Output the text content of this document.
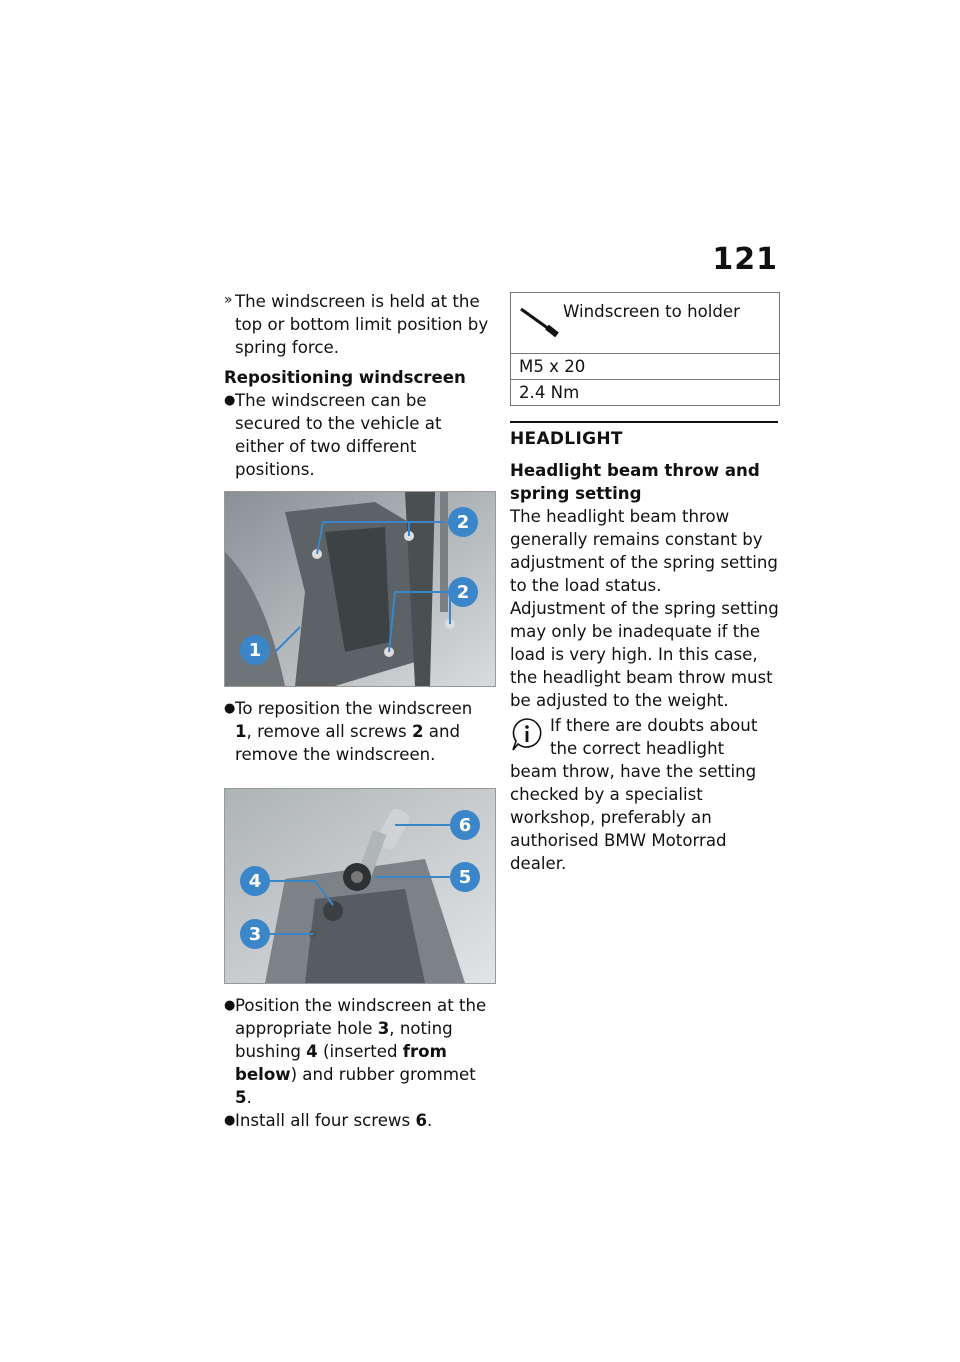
121

» The windscreen is held at the top or bottom limit position by spring force.

Repositioning windscreen

● The windscreen can be secured to the vehicle at either of two different positions.

2
2
1

● To reposition the windscreen 1, remove all screws 2 and remove the windscreen.

6
5
4
3

● Position the windscreen at the appropriate hole 3, noting bushing 4 (inserted from below) and rubber grommet 5.

● Install all four screws 6.

Windscreen to holder
M5 x 20
2.4 Nm
HEADLIGHT
Headlight beam throw and spring setting

The headlight beam throw generally remains constant by adjustment of the spring setting to the load status.

Adjustment of the spring setting may only be inadequate if the load is very high. In this case, the headlight beam throw must be adjusted to the weight.

If there are doubts about
the correct headlight
beam throw, have the setting checked by a specialist workshop, preferably an authorised BMW Motorrad dealer.
